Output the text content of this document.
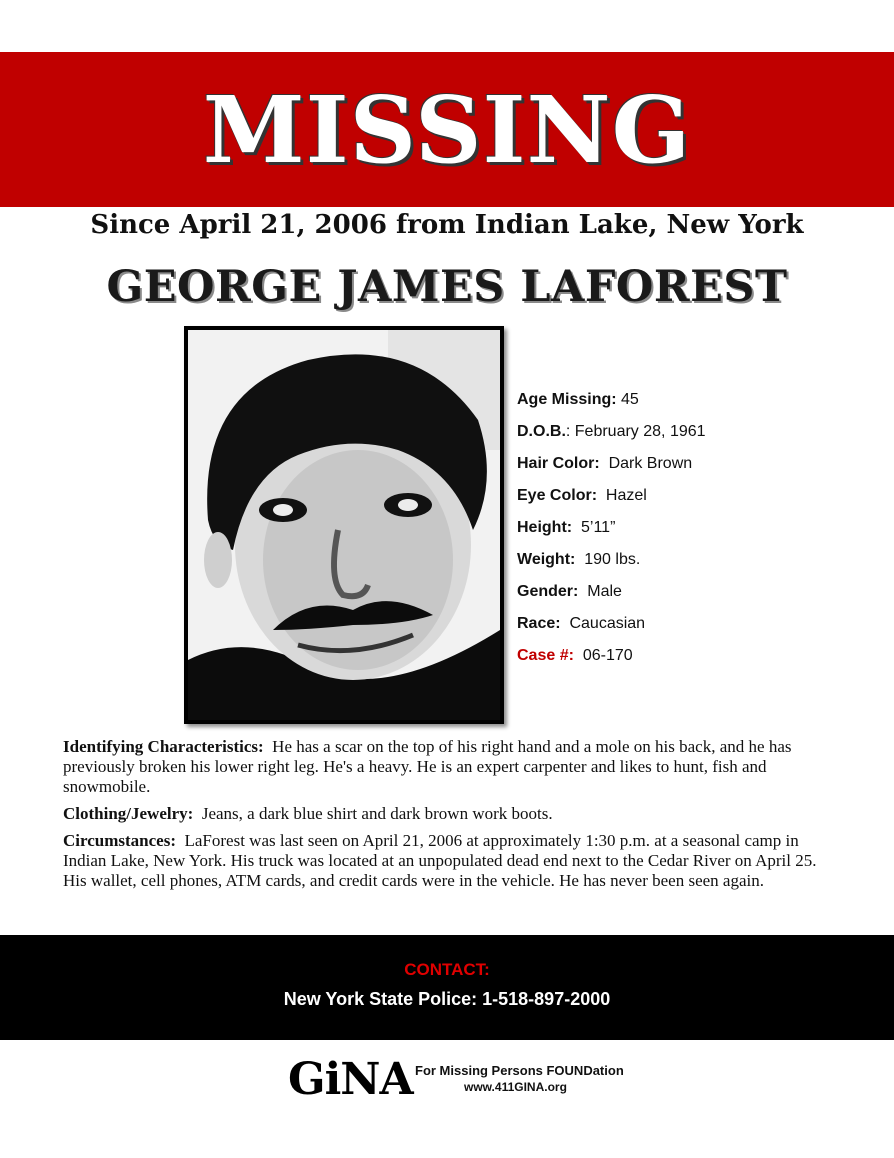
MISSING
Since April 21, 2006 from Indian Lake, New York
GEORGE JAMES LAFOREST
Age Missing: 45
D.O.B.: February 28, 1961
Hair Color: Dark Brown
Eye Color: Hazel
Height: 5’11”
Weight: 190 lbs.
Gender: Male
Race: Caucasian
Case #: 06-170

Identifying Characteristics: He has a scar on the top of his right hand and a mole on his back, and he has previously broken his lower right leg. He's a heavy. He is an expert carpenter and likes to hunt, fish and snowmobile.

Clothing/Jewelry: Jeans, a dark blue shirt and dark brown work boots.

Circumstances: LaForest was last seen on April 21, 2006 at approximately 1:30 p.m. at a seasonal camp in Indian Lake, New York. His truck was located at an unpopulated dead end next to the Cedar River on April 25. His wallet, cell phones, ATM cards, and credit cards were in the vehicle. He has never been seen again.

CONTACT:
New York State Police: 1-518-897-2000
GiNA For Missing Persons FOUNDation
www.411GINA.org
